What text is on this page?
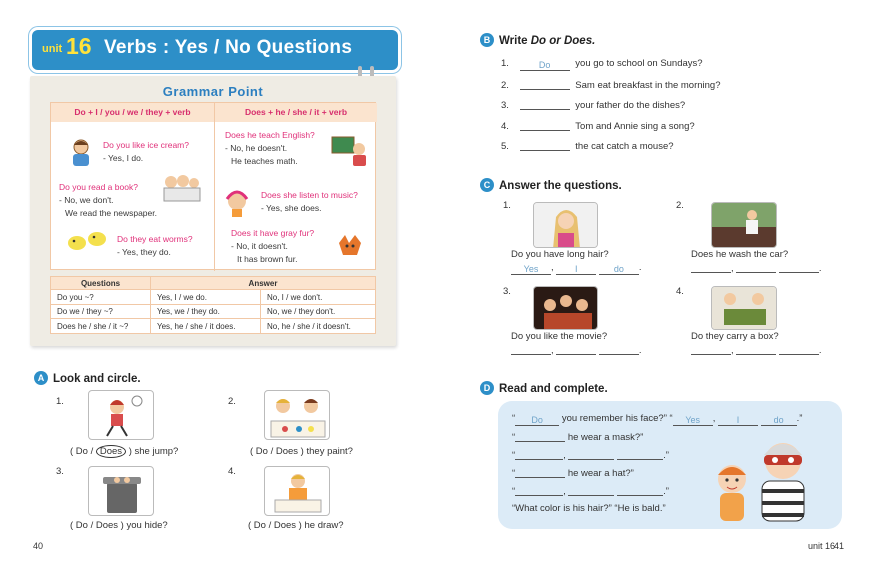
unit 16 Verbs : Yes / No Questions
Grammar Point
Do + I / you / we / they + verb	Does + he / she / it + verb
Do you like ice cream?
- Yes, I do.
Do you read a book?
- No, we don't.
We read the newspaper.
Do they eat worms?
- Yes, they do.
Does he teach English?
- No, he doesn't.
He teaches math.
Does she listen to music?
- Yes, she does.
Does it have gray fur?
- No, it doesn't.
It has brown fur.
Questions	Answer	
Do you ~?	Yes, I / we do.	No, I / we don't.
Do we / they ~?	Yes, we / they do.	No, we / they don't.
Does he / she / it ~?	Yes, he / she / it does.	No, he / she / it doesn't.
A Look and circle.
1.
( Do / Does ) she jump?
2.
( Do / Does ) they paint?
3.
( Do / Does ) you hide?
4.
( Do / Does ) he draw?
40
B Write Do or Does.
1.	Do	you go to school on Sundays?
2.	Sam eat breakfast in the morning?
3.	your father do the dishes?
4.	Tom and Annie sing a song?
5.	the cat catch a mouse?
C Answer the questions.
1.
Do you have long hair?
Yes , I	do .
2.
Does he wash the car?
,	.
3.
Do you like the movie?
,	.
4.
Do they carry a box?
,	.
D Read and complete.
“ Do you remember his face?” “ Yes , I	do .”
“	he wear a mask?”
“	,	.”
“	he wear a hat?”
“	,	.”
“What color is his hair?” “He is bald.”
unit 16
41
